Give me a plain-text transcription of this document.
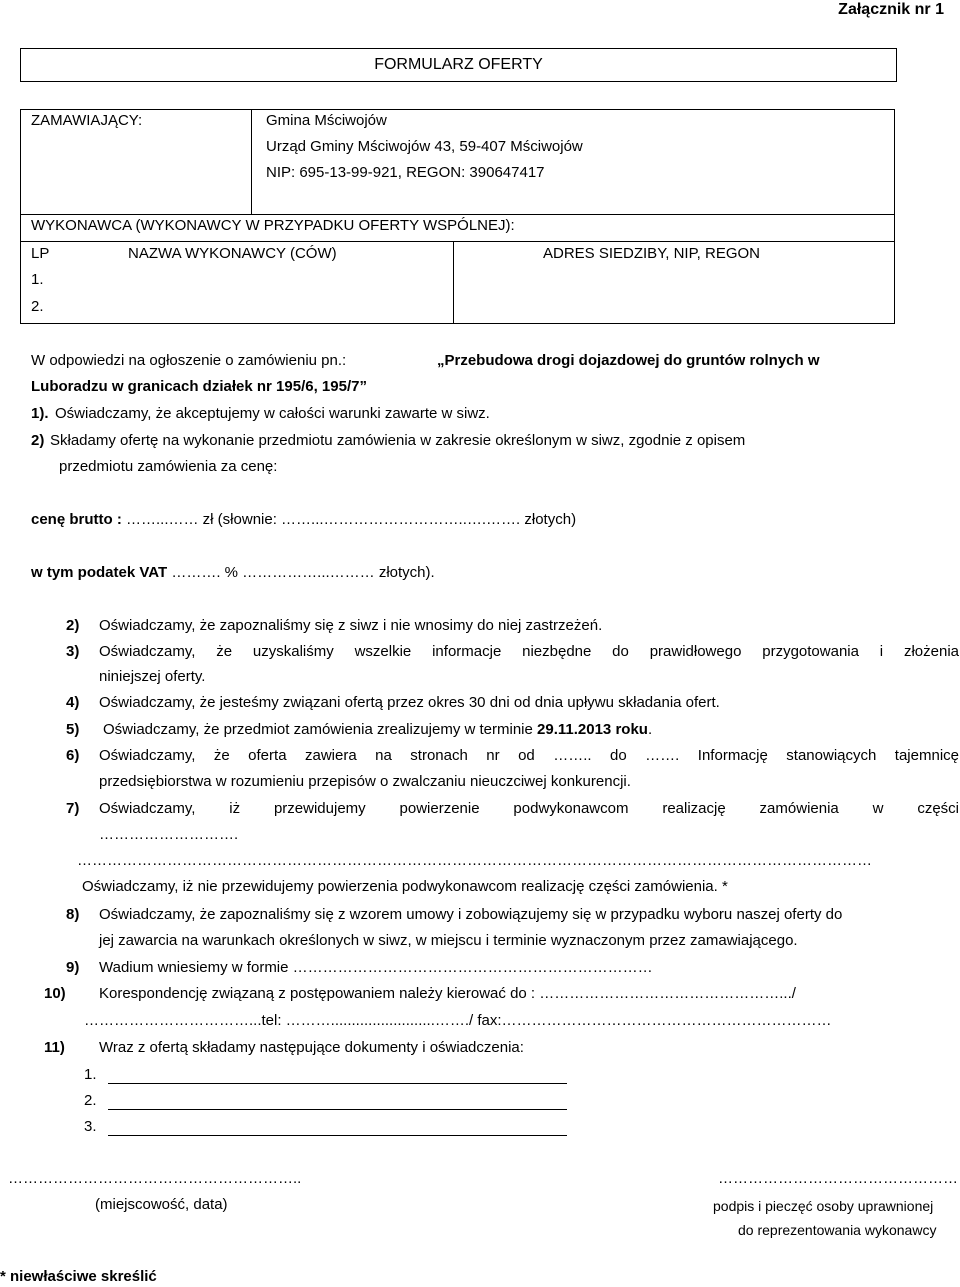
Załącznik nr 1
FORMULARZ OFERTY
ZAMAWIAJĄCY:	Gmina Mściwojów
Urząd Gminy Mściwojów 43, 59-407 Mściwojów
NIP: 695-13-99-921, REGON: 390647417
WYKONAWCA (WYKONAWCY W PRZYPADKU OFERTY WSPÓLNEJ):
LP	NAZWA WYKONAWCY (CÓW)	ADRES SIEDZIBY, NIP, REGON
1.
2.
W odpowiedzi na ogłoszenie o zamówieniu pn.:	„Przebudowa drogi dojazdowej do gruntów rolnych w
Luboradzu w granicach działek nr 195/6, 195/7”
1). Oświadczamy, że akceptujemy w całości warunki zawarte w siwz.
2) Składamy ofertę na wykonanie przedmiotu zamówienia w zakresie określonym w siwz, zgodnie z opisem
przedmiotu zamówienia za cenę:
cenę brutto : ……...…… zł (słownie: ……...………………………..….……. złotych)
w tym podatek VAT ………. % ……………...……… złotych).
2) Oświadczamy, że zapoznaliśmy się z siwz i nie wnosimy do niej zastrzeżeń.
3) Oświadczamy, że uzyskaliśmy wszelkie informacje niezbędne do prawidłowego przygotowania i złożenia
niniejszej oferty.
4) Oświadczamy, że jesteśmy związani ofertą przez okres 30 dni od dnia upływu składania ofert.
5) Oświadczamy, że przedmiot zamówienia zrealizujemy w terminie 29.11.2013 roku.
6) Oświadczamy, że oferta zawiera na stronach nr od …….. do ……. Informację stanowiących tajemnicę
przedsiębiorstwa w rozumieniu przepisów o zwalczaniu nieuczciwej konkurencji.
7) Oświadczamy, iż przewidujemy powierzenie podwykonawcom realizację zamówienia w części
……………………….
……………………………………………………………………………………………………………………………………………
Oświadczamy, iż nie przewidujemy powierzenia podwykonawcom realizację części zamówienia. *
8) Oświadczamy, że zapoznaliśmy się z wzorem umowy i zobowiązujemy się w przypadku wyboru naszej oferty do
jej zawarcia na warunkach określonych w siwz, w miejscu i terminie wyznaczonym przez zamawiającego.
9) Wadium wniesiemy w formie ………………………………………………………………
10) Korespondencję związaną z postępowaniem należy kierować do : ………………………………………….../
……………………………...tel: ……….........................……./ fax:…………………………………………………………
11) Wraz z ofertą składamy następujące dokumenty i oświadczenia:
1.
2.
3.
…………………………………………………..
(miejscowość, data)
…………………………………………
podpis i pieczęć osoby uprawnionej
do reprezentowania wykonawcy
* niewłaściwe skreślić
